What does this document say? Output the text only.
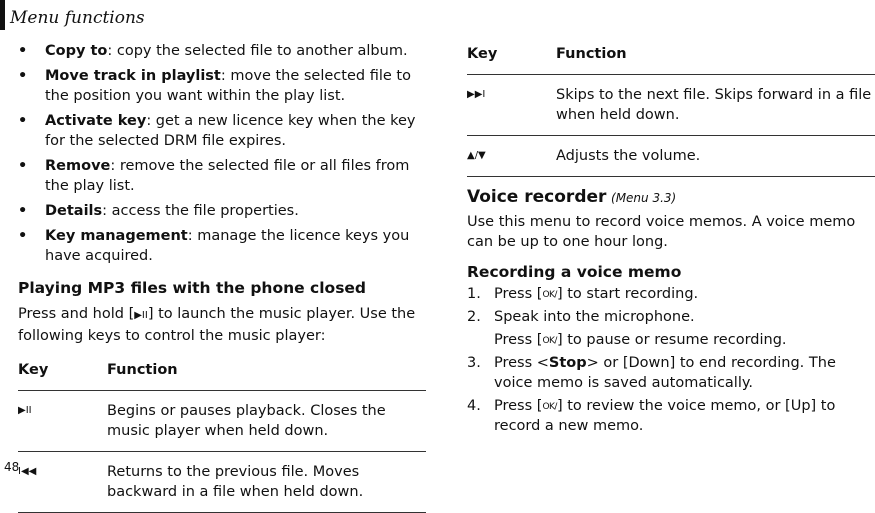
Menu functions
• Copy to: copy the selected file to another album.
• Move track in playlist: move the selected file to the position you want within the play list.
• Activate key: get a new licence key when the key for the selected DRM file expires.
• Remove: remove the selected file or all files from the play list.
• Details: access the file properties.
• Key management: manage the licence keys you have acquired.
Playing MP3 files with the phone closed

Press and hold [▶II] to launch the music player. Use the following keys to control the music player:

Key	Function
▶II	Begins or pauses playback. Closes the music player when held down.
I◀◀	Returns to the previous file. Moves backward in a file when held down.
Key	Function
▶▶I	Skips to the next file. Skips forward in a file when held down.
▲/▼	Adjusts the volume.
Voice recorder (Menu 3.3)

Use this menu to record voice memos. A voice memo can be up to one hour long.

Recording a voice memo
1. Press [OK/] to start recording.
2. Speak into the microphone.
Press [OK/] to pause or resume recording.
3. Press <Stop> or [Down] to end recording. The voice memo is saved automatically.
4. Press [OK/] to review the voice memo, or [Up] to record a new memo.
48
